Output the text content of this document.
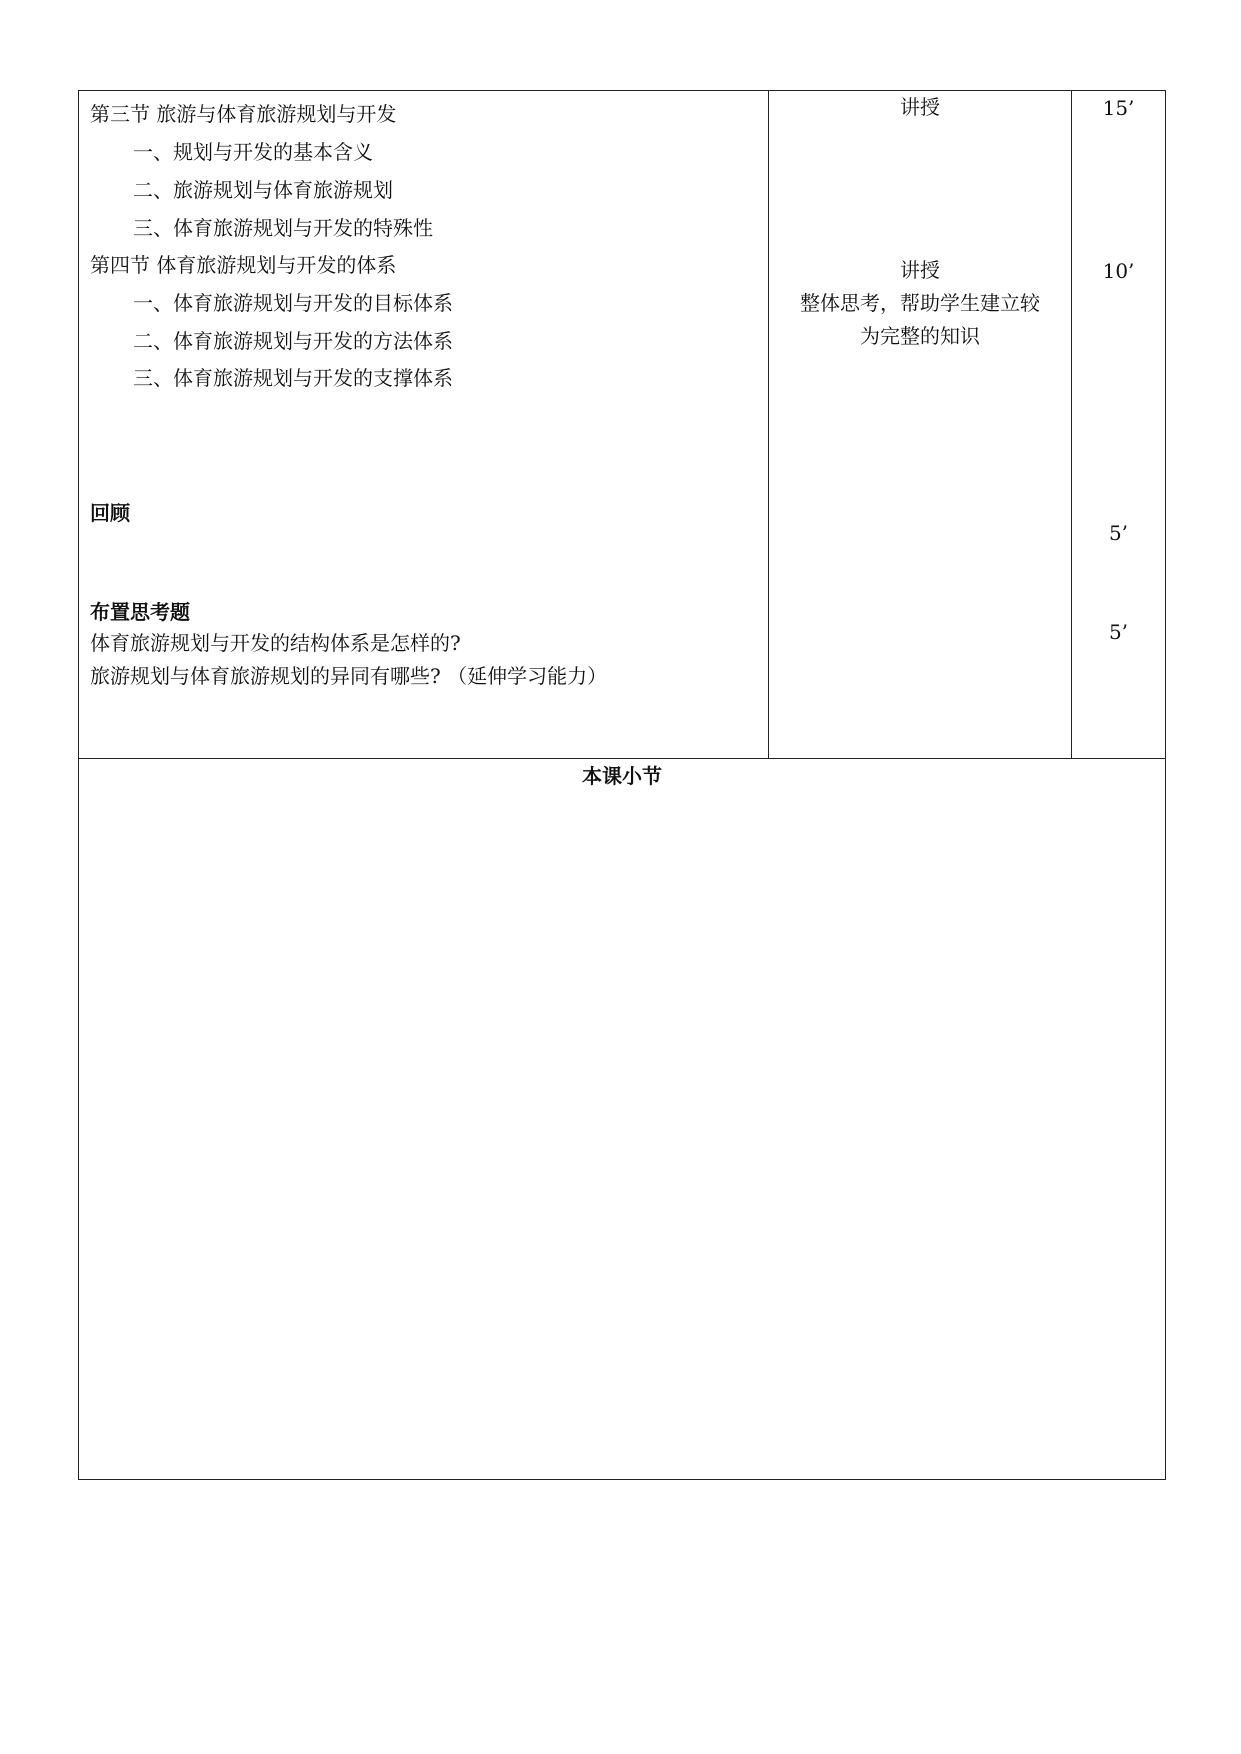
第三节 旅游与体育旅游规划与开发
一、规划与开发的基本含义
二、旅游规划与体育旅游规划
三、体育旅游规划与开发的特殊性
第四节 体育旅游规划与开发的体系
一、体育旅游规划与开发的目标体系
二、体育旅游规划与开发的方法体系
三、体育旅游规划与开发的支撑体系
回顾
布置思考题
体育旅游规划与开发的结构体系是怎样的?
旅游规划与体育旅游规划的异同有哪些? （延伸学习能力）
讲授
讲授
整体思考，帮助学生建立较
为完整的知识
15’
10’
5’
5’
本课小节
